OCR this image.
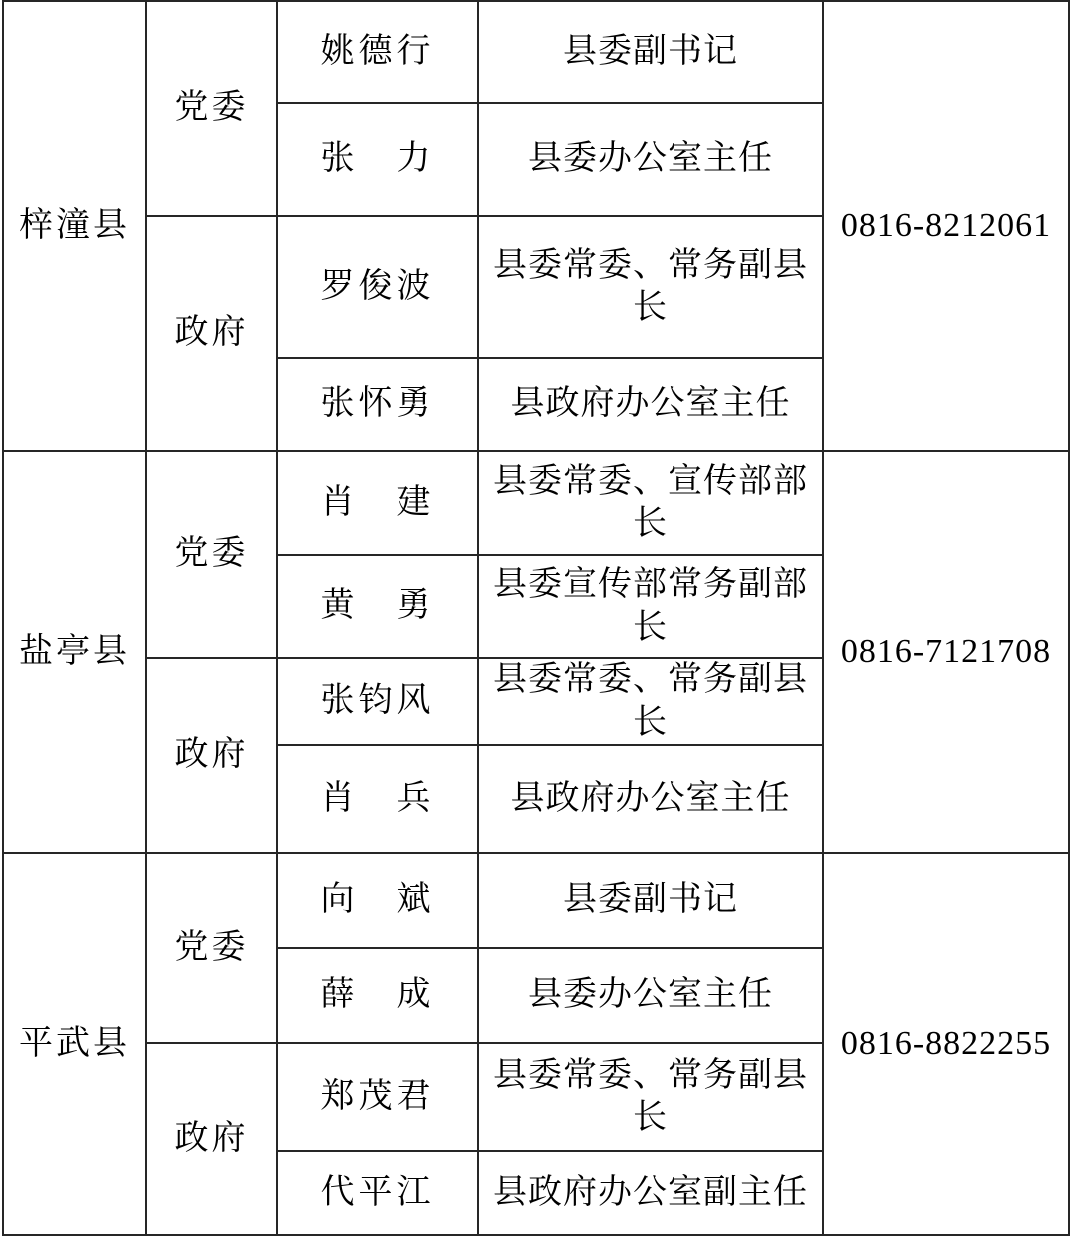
梓潼县	党委	姚德行	县委副书记	0816-8212061
		张　力	县委办公室主任	
	政府	罗俊波	县委常委、常务副县长	
		张怀勇	县政府办公室主任	
盐亭县	党委	肖　建	县委常委、宣传部部长	0816-7121708
		黄　勇	县委宣传部常务副部长	
	政府	张钧风	县委常委、常务副县长	
		肖　兵	县政府办公室主任	
平武县	党委	向　斌	县委副书记	0816-8822255
		薛　成	县委办公室主任	
	政府	郑茂君	县委常委、常务副县长	
		代平江	县政府办公室副主任	
